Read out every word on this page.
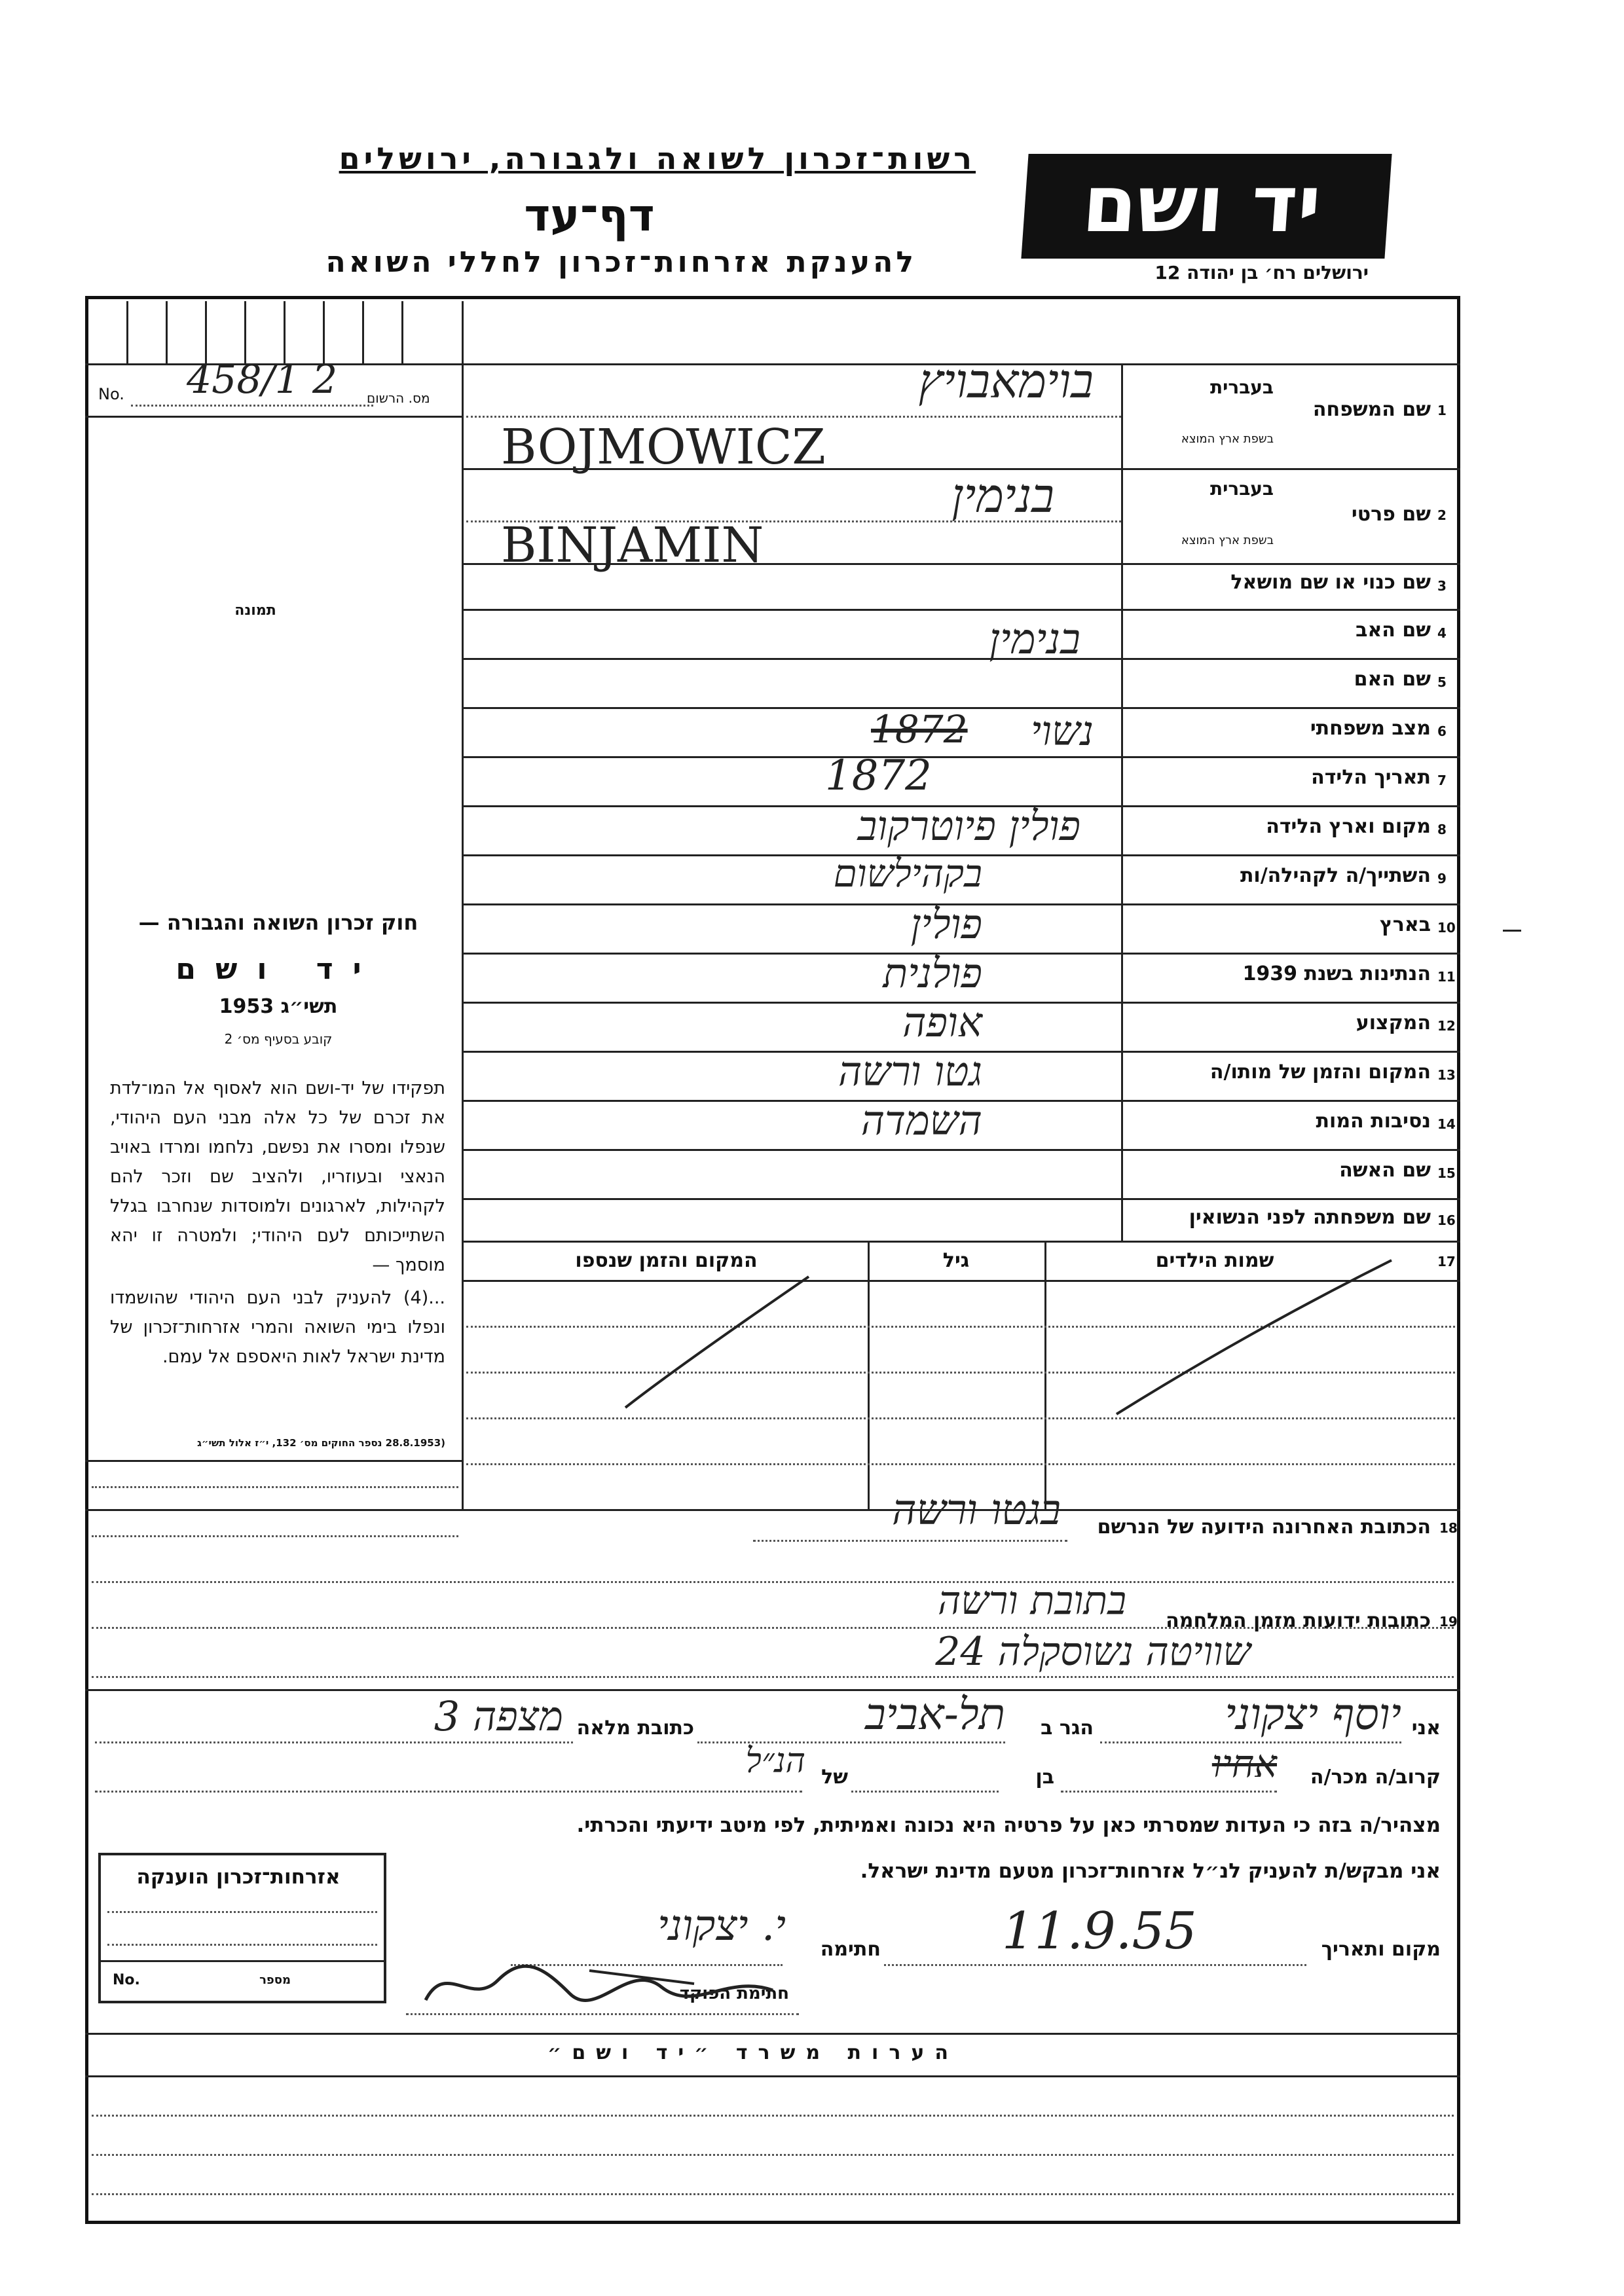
רשות־זכרון לשואה ולגבורה, ירושלים
דף־עד
להענקת אזרחות־זכרון לחללי השואה
יד ושם
ירושלים רח׳ בן יהודה 12
No. 458/1 2 מס. הרשום
תמונה
חוק זכרון השואה והגבורה —
יד ושם
תשי״ג 1953
קובע בסעיף מס׳ 2
תפקידו של יד-ושם הוא לאסוף אל המו־לדת את זכרם של כל אלה מבני העם היהודי, שנפלו ומסרו את נפשם, נלחמו ומרדו באויב הנאצי ובעוזריו, ולהציב שם וזכר להם לקהילות, לארגונים ולמוסדות שנחרבו בגלל השתייכותם לעם היהודי; ולמטרה זו יהא מוסמך —
...(4) להעניק לבני העם היהודי שהושמדו ונפלו בימי השואה והמרי אזרחות־זכרון של מדינת ישראל לאות היאספם אל עמם.
(28.8.1953 נספר החוקים מס׳ 132, י״ז אלול תשי״ג
1
שם המשפחה
בעברית
בשפת ארץ המוצא
בוימאבויץ
BOJMOWICZ
2
שם פרטי
בעברית
בשפת ארץ המוצא
בנימין
BINJAMIN
3
שם כנוי או שם מושאל
4
שם האב
בנימין
5
שם האם
6
מצב משפחתי
נשוי
1872
7
תאריך הלידה
1872
8
מקום וארץ הלידה
פולין פיוטרקוב
9
השתייך/ה לקהילה/ות
בקהילשום
10
בארץ
פולין
11
הנתינות בשנת 1939
פולנית
12
המקצוע
אופה
13
המקום והזמן של מותו/ה
גטו ורשה
14
נסיבות המות
השמדה
15
שם האשה
16
שם משפחתה לפני הנשואין
17
שמות הילדים
גיל
המקום והזמן שנספו
18
הכתובת האחרונה הידועה של הנרשם
בגטו ורשה
19
כתובות ידועות מזמן המלחמה
בתובת ורשה
שוויטה נשוסקלה 24
אני
יוסף יצקוני
הגר ב
תל-אביב
כתובת מלאה
מצפה 3
קרוב/ה מכר/ה
אחיו
בן
של
הנ״ל
מצהיר/ה בזה כי העדות שמסרתי כאן על פרטיה היא נכונה ואמיתית, לפי מיטב ידיעתי והכרתי.
אני מבקש/ת להעניק לנ״ל אזרחות־זכרון מטעם מדינת ישראל.
מקום ותאריך
11.9.55
חתימה
י. יצקוני
חתימת הפוקד
אזרחות־זכרון הוענקה
No.	מספר
הערות משרד ״יד ושם״
